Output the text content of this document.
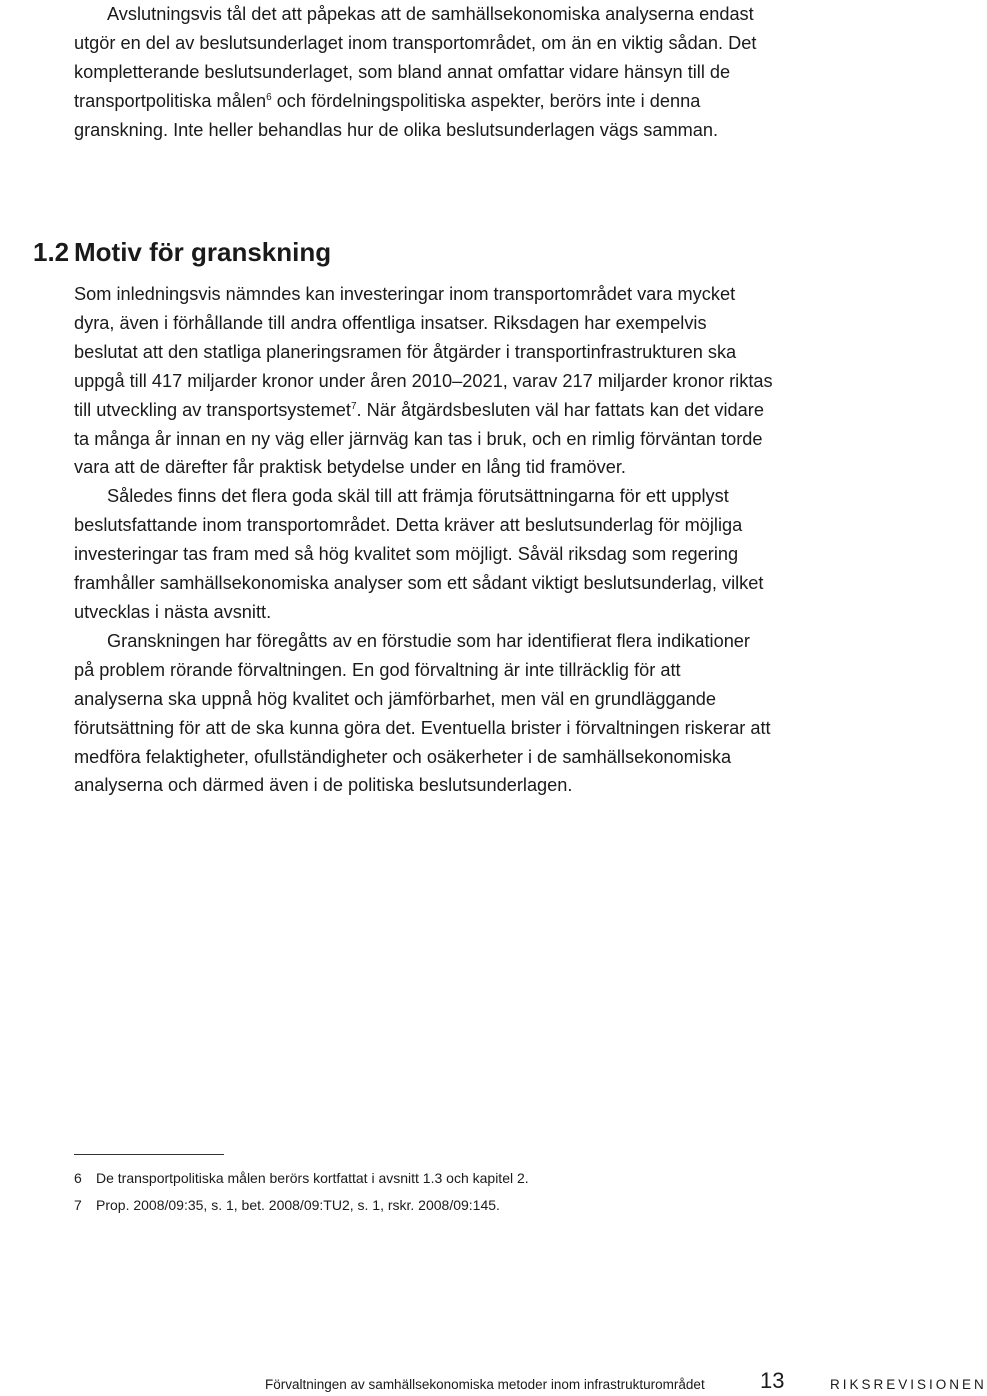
Avslutningsvis tål det att påpekas att de samhällsekonomiska analyserna endast utgör en del av beslutsunderlaget inom transportområdet, om än en viktig sådan. Det kompletterande beslutsunderlaget, som bland annat omfattar vidare hänsyn till de transportpolitiska målen$^6$ och fördelningspolitiska aspekter, berörs inte i denna granskning. Inte heller behandlas hur de olika beslutsunderlagen vägs samman.

1.2 Motiv för granskning

Som inledningsvis nämndes kan investeringar inom transportområdet vara mycket dyra, även i förhållande till andra offentliga insatser. Riksdagen har exempelvis beslutat att den statliga planeringsramen för åtgärder i transportinfrastrukturen ska uppgå till 417 miljarder kronor under åren 2010–2021, varav 217 miljarder kronor riktas till utveckling av transportsystemet$^7$. När åtgärdsbesluten väl har fattats kan det vidare ta många år innan en ny väg eller järnväg kan tas i bruk, och en rimlig förväntan torde vara att de därefter får praktisk betydelse under en lång tid framöver.

Således finns det flera goda skäl till att främja förutsättningarna för ett upplyst beslutsfattande inom transportområdet. Detta kräver att beslutsunderlag för möjliga investeringar tas fram med så hög kvalitet som möjligt. Såväl riksdag som regering framhåller samhällsekonomiska analyser som ett sådant viktigt beslutsunderlag, vilket utvecklas i nästa avsnitt.

Granskningen har föregåtts av en förstudie som har identifierat flera indikationer på problem rörande förvaltningen. En god förvaltning är inte tillräcklig för att analyserna ska uppnå hög kvalitet och jämförbarhet, men väl en grundläggande förutsättning för att de ska kunna göra det. Eventuella brister i förvaltningen riskerar att medföra felaktigheter, ofullständigheter och osäkerheter i de samhällsekonomiska analyserna och därmed även i de politiska beslutsunderlagen.

6 De transportpolitiska målen berörs kortfattat i avsnitt 1.3 och kapitel 2.
7 Prop. 2008/09:35, s. 1, bet. 2008/09:TU2, s. 1, rskr. 2008/09:145.
Förvaltningen av samhällsekonomiska metoder inom infrastrukturområdet	13	RIKSREVISIONEN
